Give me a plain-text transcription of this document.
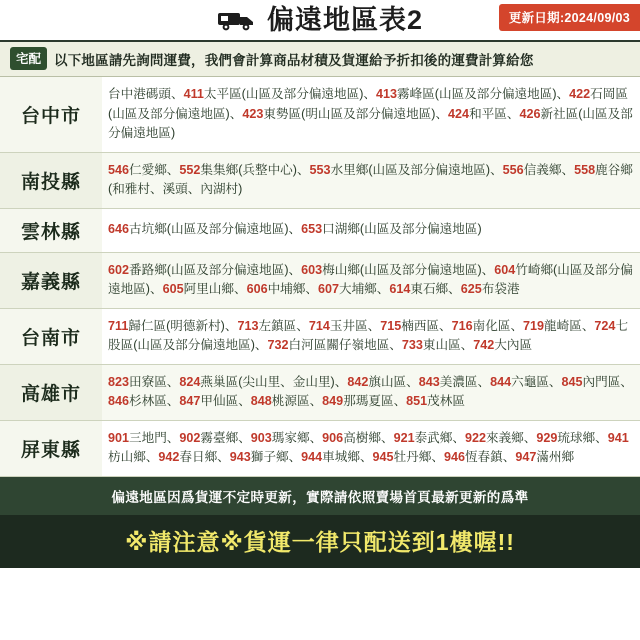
偏遠地區表2	更新日期:2024/09/03
宅配 以下地區請先詢問運費，我們會計算商品材積及貨運給予折扣後的運費計算給您
台中市	台中港碼頭、411太平區(山區及部分偏遠地區)、413霧峰區(山區及部分偏遠地區)、422石岡區(山區及部分偏遠地區)、423東勢區(明山區及部分偏遠地區)、424和平區、426新社區(山區及部分偏遠地區)
南投縣	546仁愛鄉、552集集鄉(兵整中心)、553水里鄉(山區及部分偏遠地區)、556信義鄉、558鹿谷鄉(和雅村、溪頭、內湖村)
雲林縣	646古坑鄉(山區及部分偏遠地區)、653口湖鄉(山區及部分偏遠地區)
嘉義縣	602番路鄉(山區及部分偏遠地區)、603梅山鄉(山區及部分偏遠地區)、604竹崎鄉(山區及部分偏遠地區)、605阿里山鄉、606中埔鄉、607大埔鄉、614東石鄉、625布袋港
台南市	711歸仁區(明德新村)、713左鎮區、714玉井區、715楠西區、716南化區、719龍崎區、724七股區(山區及部分偏遠地區)、732白河區關仔嶺地區、733東山區、742大內區
高雄市	823田寮區、824燕巢區(尖山里、金山里)、842旗山區、843美濃區、844六龜區、845內門區、846杉林區、847甲仙區、848桃源區、849那瑪夏區、851茂林區
屏東縣	901三地門、902霧臺鄉、903瑪家鄉、906高樹鄉、921泰武鄉、922來義鄉、929琉球鄉、941枋山鄉、942春日鄉、943獅子鄉、944車城鄉、945牡丹鄉、946恆春鎮、947滿州鄉
偏遠地區因爲貨運不定時更新，實際請依照賣場首頁最新更新的爲準
※請注意※貨運一律只配送到1樓喔!!
